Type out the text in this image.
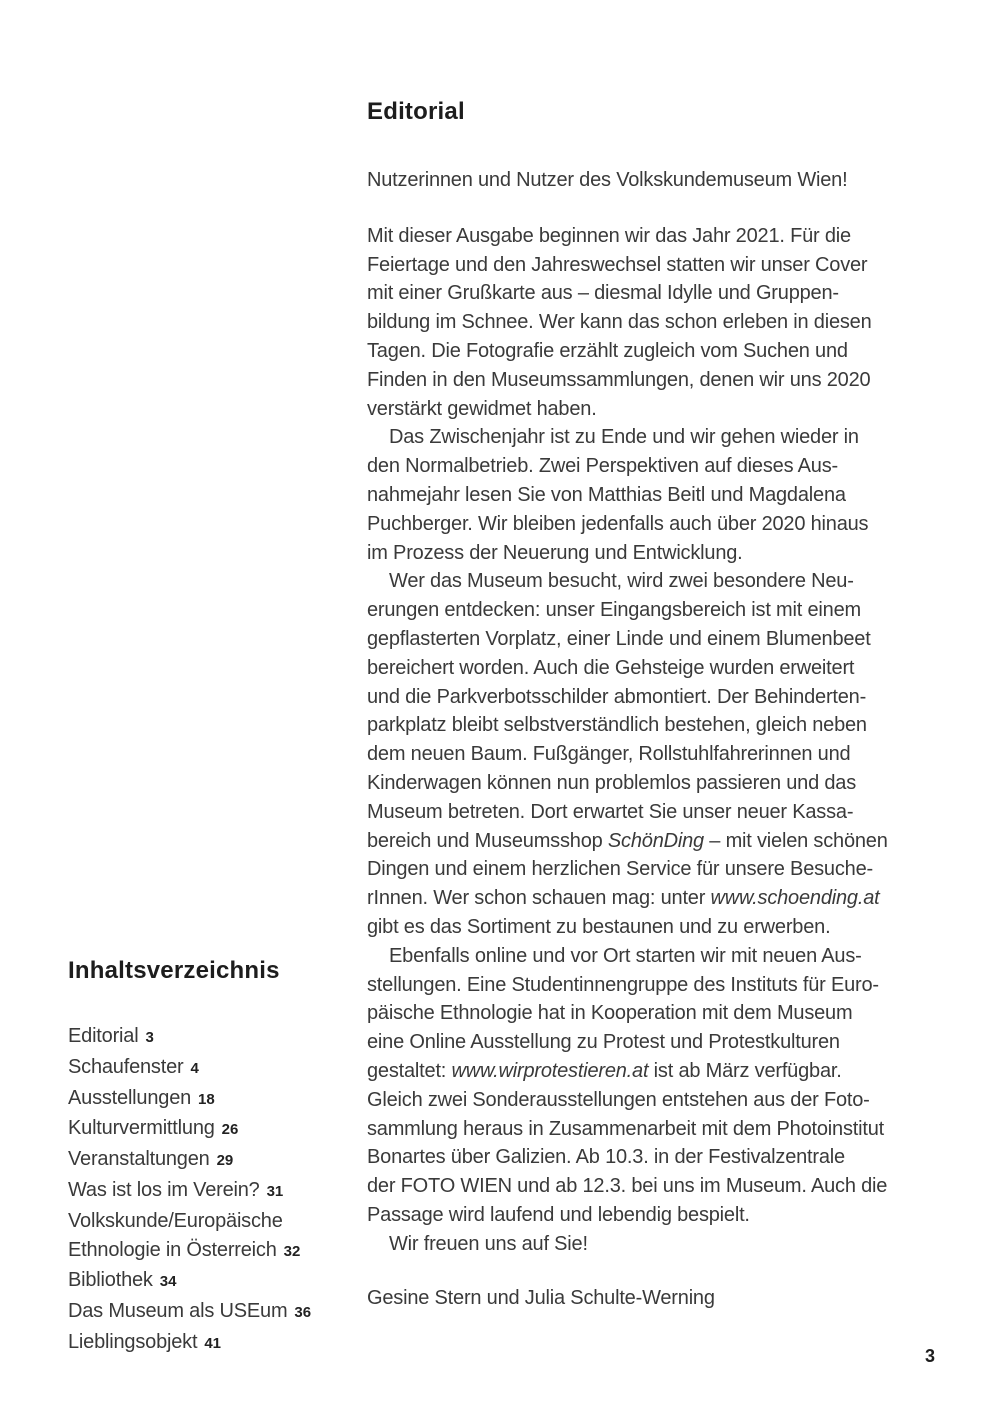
Inhaltsverzeichnis
Editorial 3
Schaufenster 4
Ausstellungen 18
Kulturvermittlung 26
Veranstaltungen 29
Was ist los im Verein? 31
Volkskunde/Europäische
Ethnologie in Österreich 32
Bibliothek 34
Das Museum als USEum 36
Lieblingsobjekt 41
Editorial

Nutzerinnen und Nutzer des Volkskundemuseum Wien!

Mit dieser Ausgabe beginnen wir das Jahr 2021. Für die
Feiertage und den Jahreswechsel statten wir unser Cover
mit einer Grußkarte aus – diesmal Idylle und Gruppen-
bildung im Schnee. Wer kann das schon erleben in diesen
Tagen. Die Fotografie erzählt zugleich vom Suchen und
Finden in den Museumssammlungen, denen wir uns 2020
verstärkt gewidmet haben.
Das Zwischenjahr ist zu Ende und wir gehen wieder in
den Normalbetrieb. Zwei Perspektiven auf dieses Aus-
nahmejahr lesen Sie von Matthias Beitl und Magdalena
Puchberger. Wir bleiben jedenfalls auch über 2020 hinaus
im Prozess der Neuerung und Entwicklung.
Wer das Museum besucht, wird zwei besondere Neu-
erungen entdecken: unser Eingangsbereich ist mit einem
gepflasterten Vorplatz, einer Linde und einem Blumenbeet
bereichert worden. Auch die Gehsteige wurden erweitert
und die Parkverbotsschilder abmontiert. Der Behinderten-
parkplatz bleibt selbstverständlich bestehen, gleich neben
dem neuen Baum. Fußgänger, Rollstuhlfahrerinnen und
Kinderwagen können nun problemlos passieren und das
Museum betreten. Dort erwartet Sie unser neuer Kassa-
bereich und Museumsshop SchönDing – mit vielen schönen
Dingen und einem herzlichen Service für unsere Besuche-
rInnen. Wer schon schauen mag: unter www.schoending.at
gibt es das Sortiment zu bestaunen und zu erwerben.
Ebenfalls online und vor Ort starten wir mit neuen Aus-
stellungen. Eine Studentinnengruppe des Instituts für Euro-
päische Ethnologie hat in Kooperation mit dem Museum
eine Online Ausstellung zu Protest und Protestkulturen
gestaltet: www.wirprotestieren.at ist ab März verfügbar.
Gleich zwei Sonderausstellungen entstehen aus der Foto-
sammlung heraus in Zusammenarbeit mit dem Photoinstitut
Bonartes über Galizien. Ab 10.3. in der Festivalzentrale
der FOTO WIEN und ab 12.3. bei uns im Museum. Auch die
Passage wird laufend und lebendig bespielt.
Wir freuen uns auf Sie!

Gesine Stern und Julia Schulte-Werning

3
